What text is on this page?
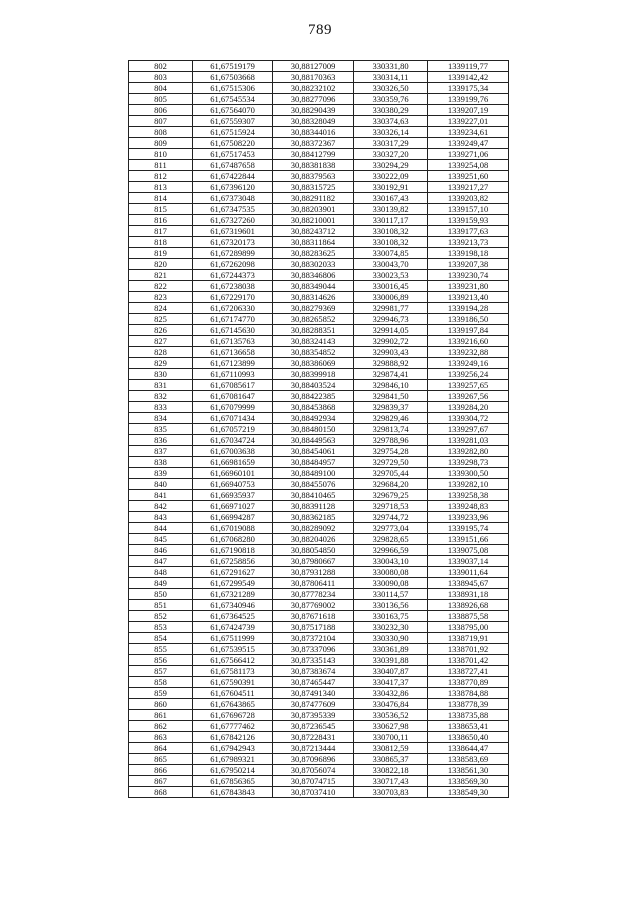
789
802	61,67519179	30,88127009	330331,80	1339119,77
803	61,67503668	30,88170363	330314,11	1339142,42
804	61,67515306	30,88232102	330326,50	1339175,34
805	61,67545534	30,88277096	330359,76	1339199,76
806	61,67564070	30,88290439	330380,29	1339207,19
807	61,67559307	30,88328049	330374,63	1339227,01
808	61,67515924	30,88344016	330326,14	1339234,61
809	61,67508220	30,88372367	330317,29	1339249,47
810	61,67517453	30,88412799	330327,20	1339271,06
811	61,67487658	30,88381838	330294,29	1339254,08
812	61,67422844	30,88379563	330222,09	1339251,60
813	61,67396120	30,88315725	330192,91	1339217,27
814	61,67373048	30,88291182	330167,43	1339203,82
815	61,67347535	30,88203901	330139,82	1339157,10
816	61,67327260	30,88210001	330117,17	1339159,93
817	61,67319601	30,88243712	330108,32	1339177,63
818	61,67320173	30,88311864	330108,32	1339213,73
819	61,67289899	30,88283625	330074,85	1339198,18
820	61,67262098	30,88302033	330043,70	1339207,38
821	61,67244373	30,88346806	330023,53	1339230,74
822	61,67238038	30,88349044	330016,45	1339231,80
823	61,67229170	30,88314626	330006,89	1339213,40
824	61,67206330	30,88279369	329981,77	1339194,28
825	61,67174770	30,88265852	329946,73	1339186,50
826	61,67145630	30,88288351	329914,05	1339197,84
827	61,67135763	30,88324143	329902,72	1339216,60
828	61,67136658	30,88354852	329903,43	1339232,88
829	61,67123899	30,88386069	329888,92	1339249,16
830	61,67110993	30,88399918	329874,41	1339256,24
831	61,67085617	30,88403524	329846,10	1339257,65
832	61,67081647	30,88422385	329841,50	1339267,56
833	61,67079999	30,88453868	329839,37	1339284,20
834	61,67071434	30,88492934	329829,46	1339304,72
835	61,67057219	30,88480150	329813,74	1339297,67
836	61,67034724	30,88449563	329788,96	1339281,03
837	61,67003638	30,88454061	329754,28	1339282,80
838	61,66981659	30,88484957	329729,50	1339298,73
839	61,66960101	30,88489100	329705,44	1339300,50
840	61,66940753	30,88455076	329684,20	1339282,10
841	61,66935937	30,88410465	329679,25	1339258,38
842	61,66971027	30,88391128	329718,53	1339248,83
843	61,66994287	30,88362185	329744,72	1339233,96
844	61,67019088	30,88289092	329773,04	1339195,74
845	61,67068280	30,88204026	329828,65	1339151,66
846	61,67190818	30,88054850	329966,59	1339075,08
847	61,67258856	30,87980667	330043,10	1339037,14
848	61,67291627	30,87931288	330080,08	1339011,64
849	61,67299549	30,87806411	330090,08	1338945,67
850	61,67321289	30,87778234	330114,57	1338931,18
851	61,67340946	30,87769002	330136,56	1338926,68
852	61,67364525	30,87671618	330163,75	1338875,58
853	61,67424739	30,87517188	330232,30	1338795,00
854	61,67511999	30,87372104	330330,90	1338719,91
855	61,67539515	30,87337096	330361,89	1338701,92
856	61,67566412	30,87335143	330391,88	1338701,42
857	61,67581173	30,87383674	330407,87	1338727,41
858	61,67590391	30,87465447	330417,37	1338770,89
859	61,67604511	30,87491340	330432,86	1338784,88
860	61,67643865	30,87477609	330476,84	1338778,39
861	61,67696728	30,87395339	330536,52	1338735,88
862	61,67777462	30,87236545	330627,98	1338653,41
863	61,67842126	30,87228431	330700,11	1338650,40
864	61,67942943	30,87213444	330812,59	1338644,47
865	61,67989321	30,87096896	330865,37	1338583,69
866	61,67950214	30,87056074	330822,18	1338561,30
867	61,67856365	30,87074715	330717,43	1338569,30
868	61,67843843	30,87037410	330703,83	1338549,30
